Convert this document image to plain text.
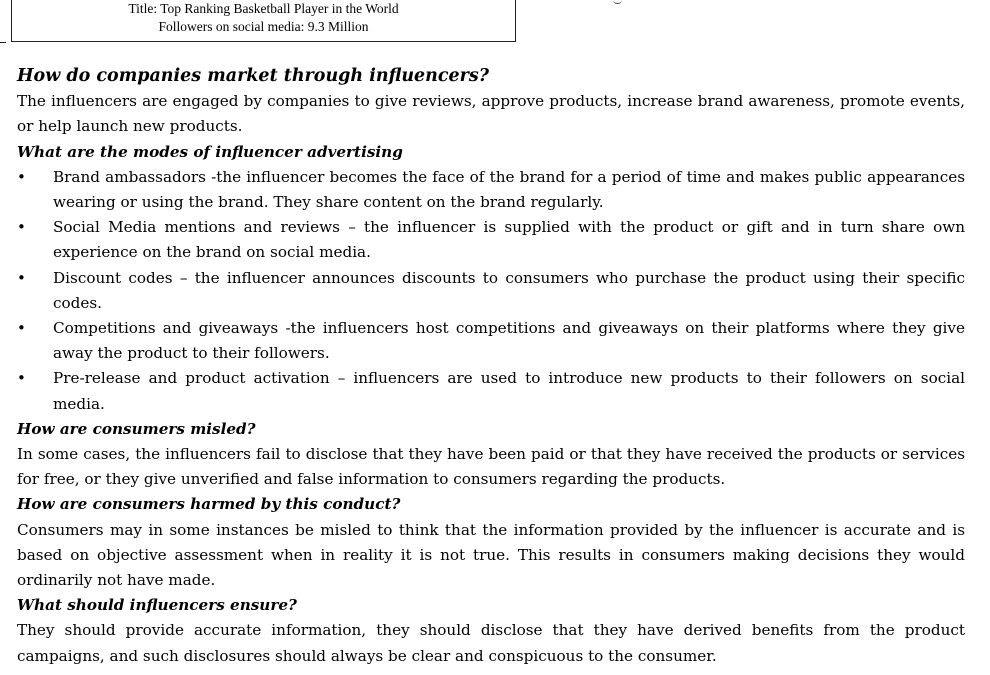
Title: Top Ranking Basketball Player in the World
Followers on social media: 9.3 Million

How do companies market through influencers?

The influencers are engaged by companies to give reviews, approve products, increase brand awareness, promote events, or help launch new products.

What are the modes of influencer advertising

• Brand ambassadors -the influencer becomes the face of the brand for a period of time and makes public appearances wearing or using the brand. They share content on the brand regularly.
• Social Media mentions and reviews – the influencer is supplied with the product or gift and in turn share own experience on the brand on social media.
• Discount codes – the influencer announces discounts to consumers who purchase the product using their specific codes.
• Competitions and giveaways -the influencers host competitions and giveaways on their platforms where they give away the product to their followers.
• Pre-release and product activation – influencers are used to introduce new products to their followers on social media.

How are consumers misled?

In some cases, the influencers fail to disclose that they have been paid or that they have received the products or services for free, or they give unverified and false information to consumers regarding the products.

How are consumers harmed by this conduct?

Consumers may in some instances be misled to think that the information provided by the influencer is accurate and is based on objective assessment when in reality it is not true. This results in consumers making decisions they would ordinarily not have made.

What should influencers ensure?

They should provide accurate information, they should disclose that they have derived benefits from the product campaigns, and such disclosures should always be clear and conspicuous to the consumer.
